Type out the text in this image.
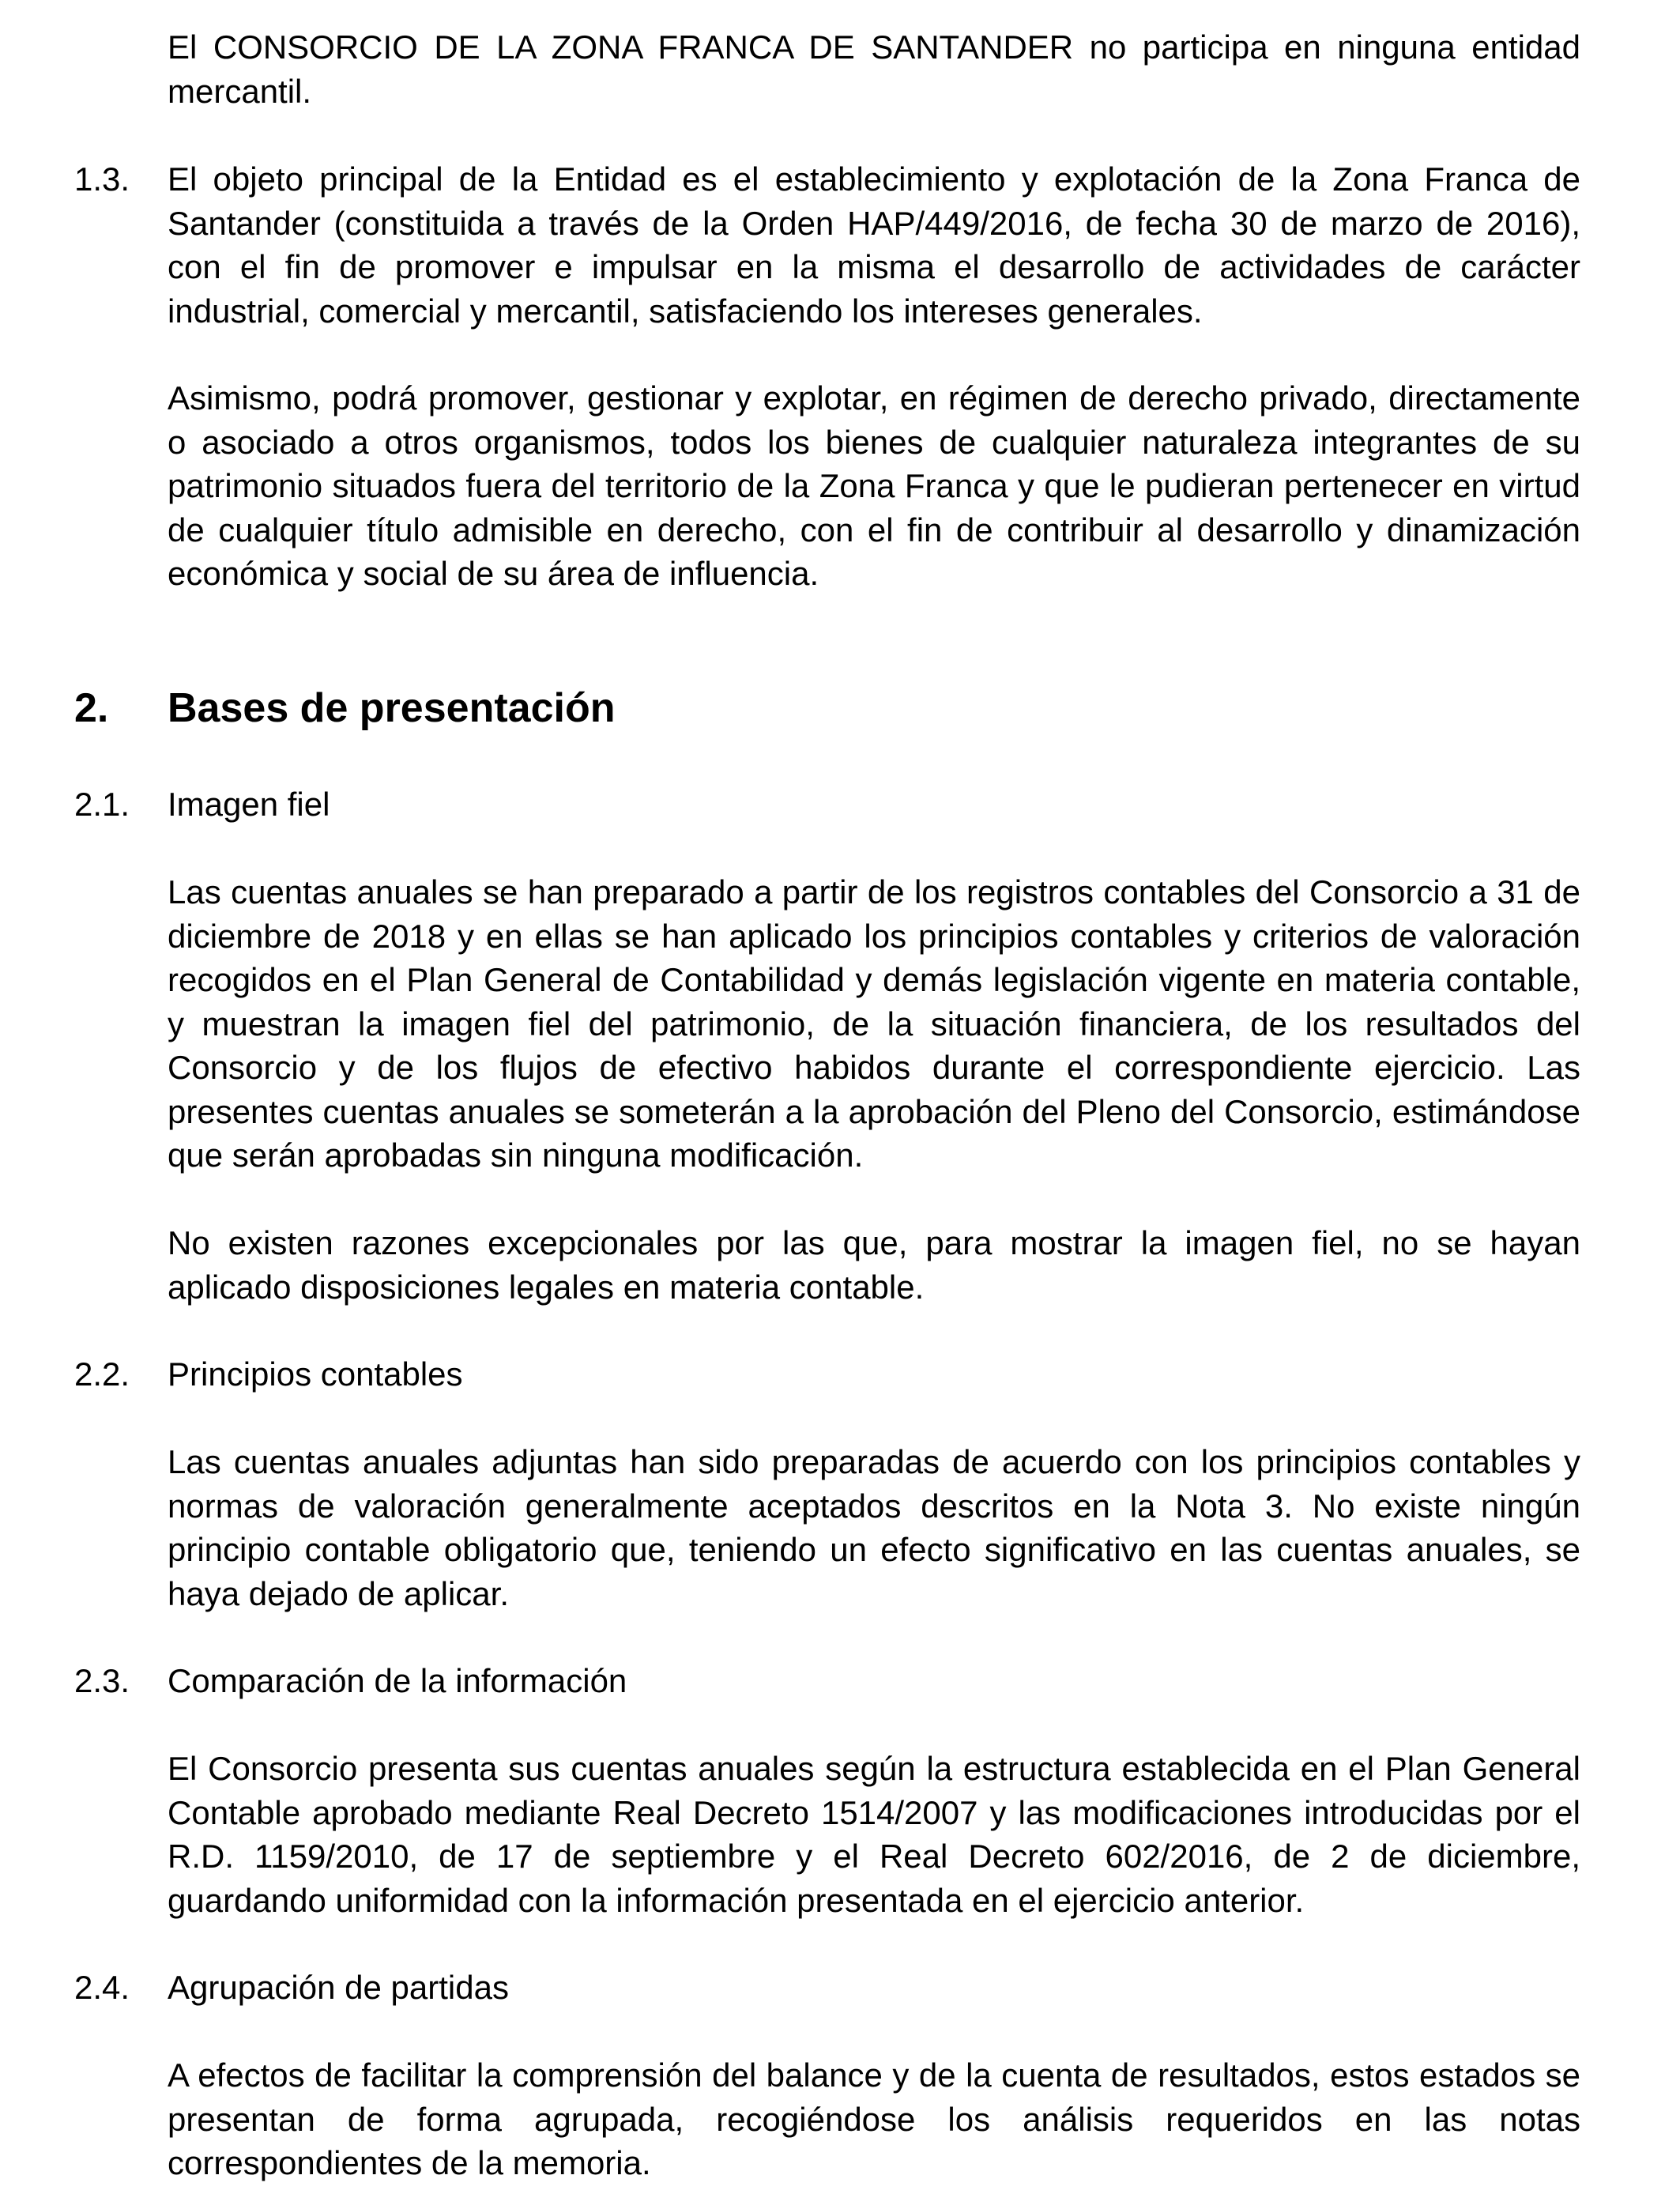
El CONSORCIO DE LA ZONA FRANCA DE SANTANDER no participa en ninguna entidad mercantil.

1.3. El objeto principal de la Entidad es el establecimiento y explotación de la Zona Franca de Santander (constituida a través de la Orden HAP/449/2016, de fecha 30 de marzo de 2016), con el fin de promover e impulsar en la misma el desarrollo de actividades de carácter industrial, comercial y mercantil, satisfaciendo los intereses generales.

Asimismo, podrá promover, gestionar y explotar, en régimen de derecho privado, directamente o asociado a otros organismos, todos los bienes de cualquier naturaleza integrantes de su patrimonio situados fuera del territorio de la Zona Franca y que le pudieran pertenecer en virtud de cualquier título admisible en derecho, con el fin de contribuir al desarrollo y dinamización económica y social de su área de influencia.

2. Bases de presentación

2.1. Imagen fiel

Las cuentas anuales se han preparado a partir de los registros contables del Consorcio a 31 de diciembre de 2018 y en ellas se han aplicado los principios contables y criterios de valoración recogidos en el Plan General de Contabilidad y demás legislación vigente en materia contable, y muestran la imagen fiel del patrimonio, de la situación financiera, de los resultados del Consorcio y de los flujos de efectivo habidos durante el correspondiente ejercicio. Las presentes cuentas anuales se someterán a la aprobación del Pleno del Consorcio, estimándose que serán aprobadas sin ninguna modificación.

No existen razones excepcionales por las que, para mostrar la imagen fiel, no se hayan aplicado disposiciones legales en materia contable.

2.2. Principios contables

Las cuentas anuales adjuntas han sido preparadas de acuerdo con los principios contables y normas de valoración generalmente aceptados descritos en la Nota 3. No existe ningún principio contable obligatorio que, teniendo un efecto significativo en las cuentas anuales, se haya dejado de aplicar.

2.3. Comparación de la información

El Consorcio presenta sus cuentas anuales según la estructura establecida en el Plan General Contable aprobado mediante Real Decreto 1514/2007 y las modificaciones introducidas por el R.D. 1159/2010, de 17 de septiembre y el Real Decreto 602/2016, de 2 de diciembre, guardando uniformidad con la información presentada en el ejercicio anterior.

2.4. Agrupación de partidas

A efectos de facilitar la comprensión del balance y de la cuenta de resultados, estos estados se presentan de forma agrupada, recogiéndose los análisis requeridos en las notas correspondientes de la memoria.
